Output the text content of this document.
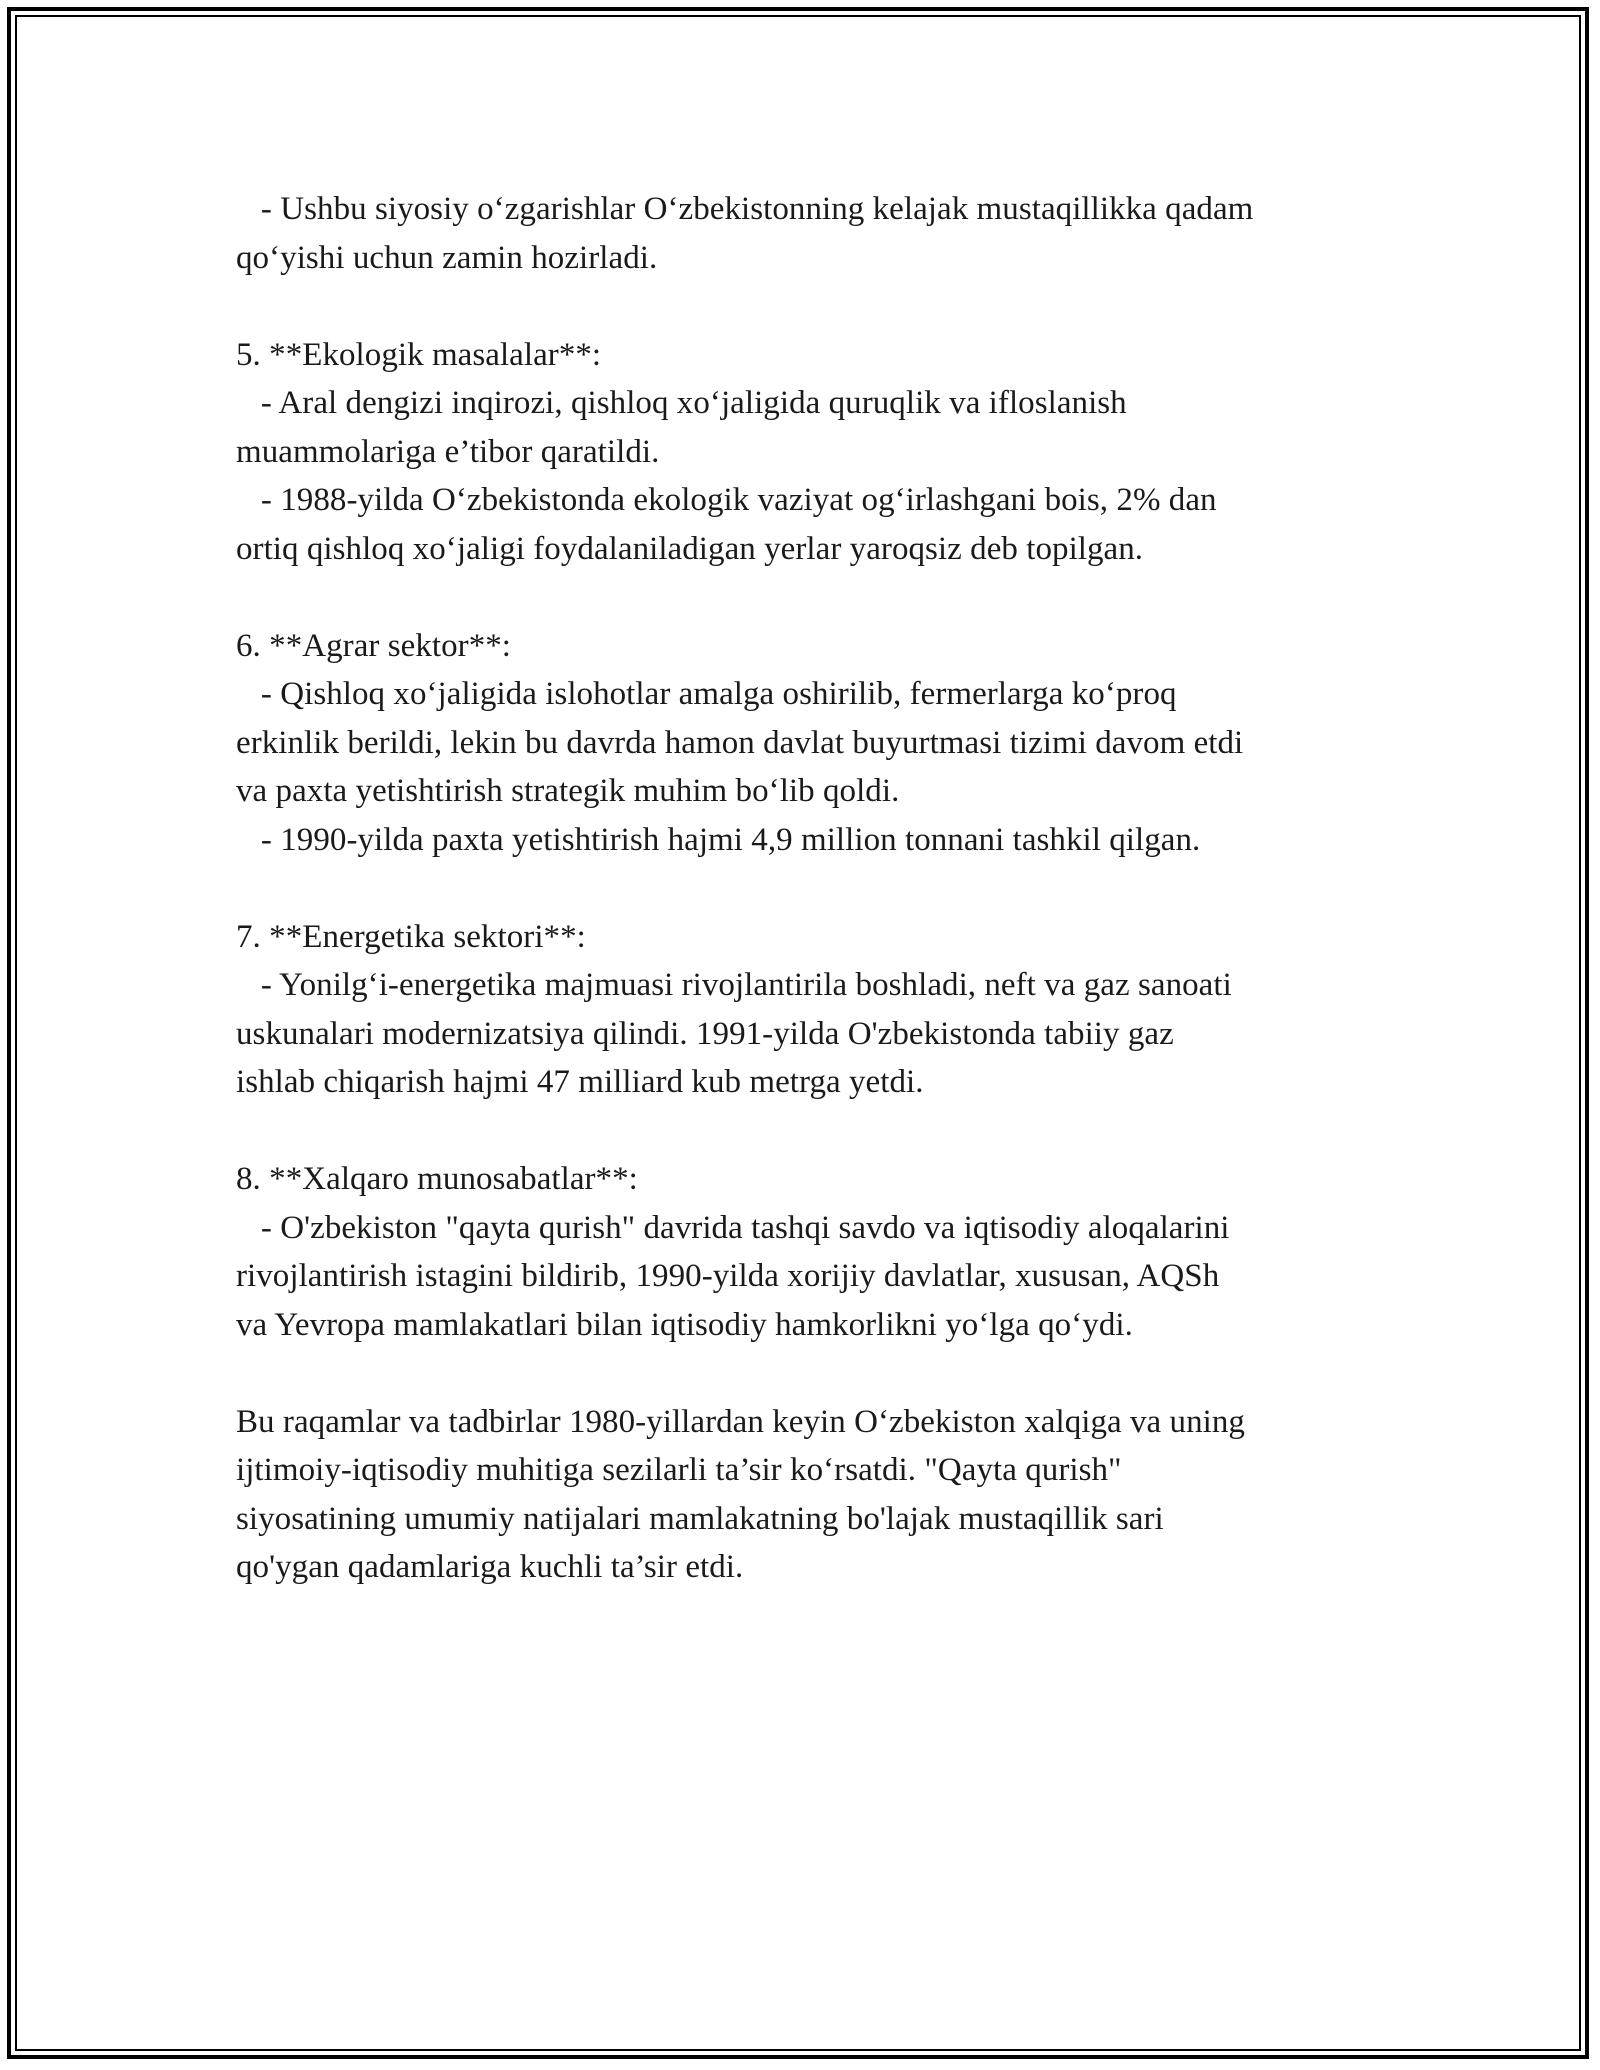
- Ushbu siyosiy o‘zgarishlar O‘zbekistonning kelajak mustaqillikka qadam
qo‘yishi uchun zamin hozirladi.
5. **Ekologik masalalar**:
- Aral dengizi inqirozi, qishloq xo‘jaligida quruqlik va ifloslanish
muammolariga e’tibor qaratildi.
- 1988-yilda O‘zbekistonda ekologik vaziyat og‘irlashgani bois, 2% dan
ortiq qishloq xo‘jaligi foydalaniladigan yerlar yaroqsiz deb topilgan.
6. **Agrar sektor**:
- Qishloq xo‘jaligida islohotlar amalga oshirilib, fermerlarga ko‘proq
erkinlik berildi, lekin bu davrda hamon davlat buyurtmasi tizimi davom etdi
va paxta yetishtirish strategik muhim bo‘lib qoldi.
- 1990-yilda paxta yetishtirish hajmi 4,9 million tonnani tashkil qilgan.
7. **Energetika sektori**:
- Yonilg‘i-energetika majmuasi rivojlantirila boshladi, neft va gaz sanoati
uskunalari modernizatsiya qilindi. 1991-yilda O'zbekistonda tabiiy gaz
ishlab chiqarish hajmi 47 milliard kub metrga yetdi.
8. **Xalqaro munosabatlar**:
- O'zbekiston "qayta qurish" davrida tashqi savdo va iqtisodiy aloqalarini
rivojlantirish istagini bildirib, 1990-yilda xorijiy davlatlar, xususan, AQSh
va Yevropa mamlakatlari bilan iqtisodiy hamkorlikni yo‘lga qo‘ydi.
Bu raqamlar va tadbirlar 1980-yillardan keyin O‘zbekiston xalqiga va uning
ijtimoiy-iqtisodiy muhitiga sezilarli ta’sir ko‘rsatdi. "Qayta qurish"
siyosatining umumiy natijalari mamlakatning bo'lajak mustaqillik sari
qo'ygan qadamlariga kuchli ta’sir etdi.
